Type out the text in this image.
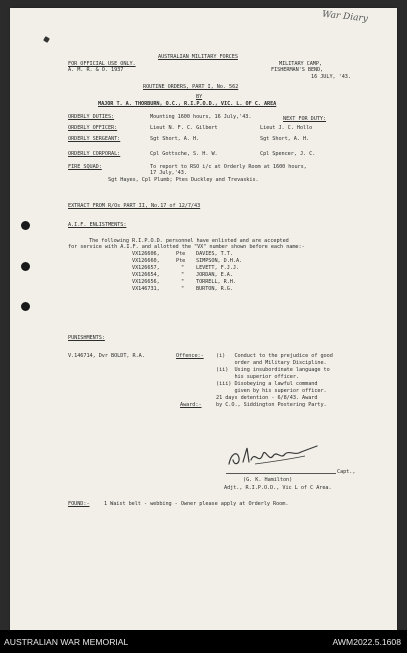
War Diary
AUSTRALIAN MILITARY FORCES
FOR OFFICIAL USE ONLY.
A. M. R. & O. 1937
MILITARY CAMP,
FISHERMAN'S BEND,
16 JULY, '43.
ROUTINE ORDERS, PART I, No. 562
BY
MAJOR T. A. THORBURN, O.C., R.I.P.O.D., VIC. L. OF C. AREA
ORDERLY DUTIES:	Mounting 1600 hours, 16 July,'43.	NEXT FOR DUTY:
ORDERLY OFFICER:	Lieut N. F. C. Gilbert	Lieut J. C. Hollo
ORDERLY SERGEANT:	Sgt Short, A. H.	Sgt Short, A. H.
ORDERLY CORPORAL:	Cpl Gottsche, S. H. W.	Cpl Spencer, J. C.
FIRE SQUAD:	To report to RSO i/c at Orderly Room at 1600 hours,
17 July,'43.
Sgt Hayes, Cpl Plumb; Ptes Duckley and Trevaskis.
EXTRACT FROM R/Os PART II, No.17 of 12/7/43
A.I.F. ENLISTMENTS:
The following R.I.P.O.D. personnel have enlisted and are accepted
for service with A.I.F. and allotted the "VX" number shown before each name:-
VX126606,	Pte DAVIES, T.T.
VX126660,	Pte SIMPSON, D.H.A.
VX126657,	" LEVETT, F.J.J.
VX126654,	" JORDAN, E.A.
VX126656,	" TORRELL, R.H.
VX146731,	" BURTON, R.G.
PUNISHMENTS:
V.146714, Dvr BOLDT, R.A.	Offence:- (i)   Conduct to the prejudice of good
order and Military Discipline.
(ii)  Using insubordinate language to
his superior officer.
(iii) Disobeying a lawful command
given by his superior officer.
Award:-
21 days detention - 6/8/43. Award
by C.O., Siddington Postering Party.
Capt.,
(G. K. Hamilton)
Adjt., R.I.P.O.D., Vic L of C Area.
FOUND:-	1 Waist belt - webbing - Owner please apply at Orderly Room.
AUSTRALIAN WAR MEMORIAL	AWM2022.5.1608
